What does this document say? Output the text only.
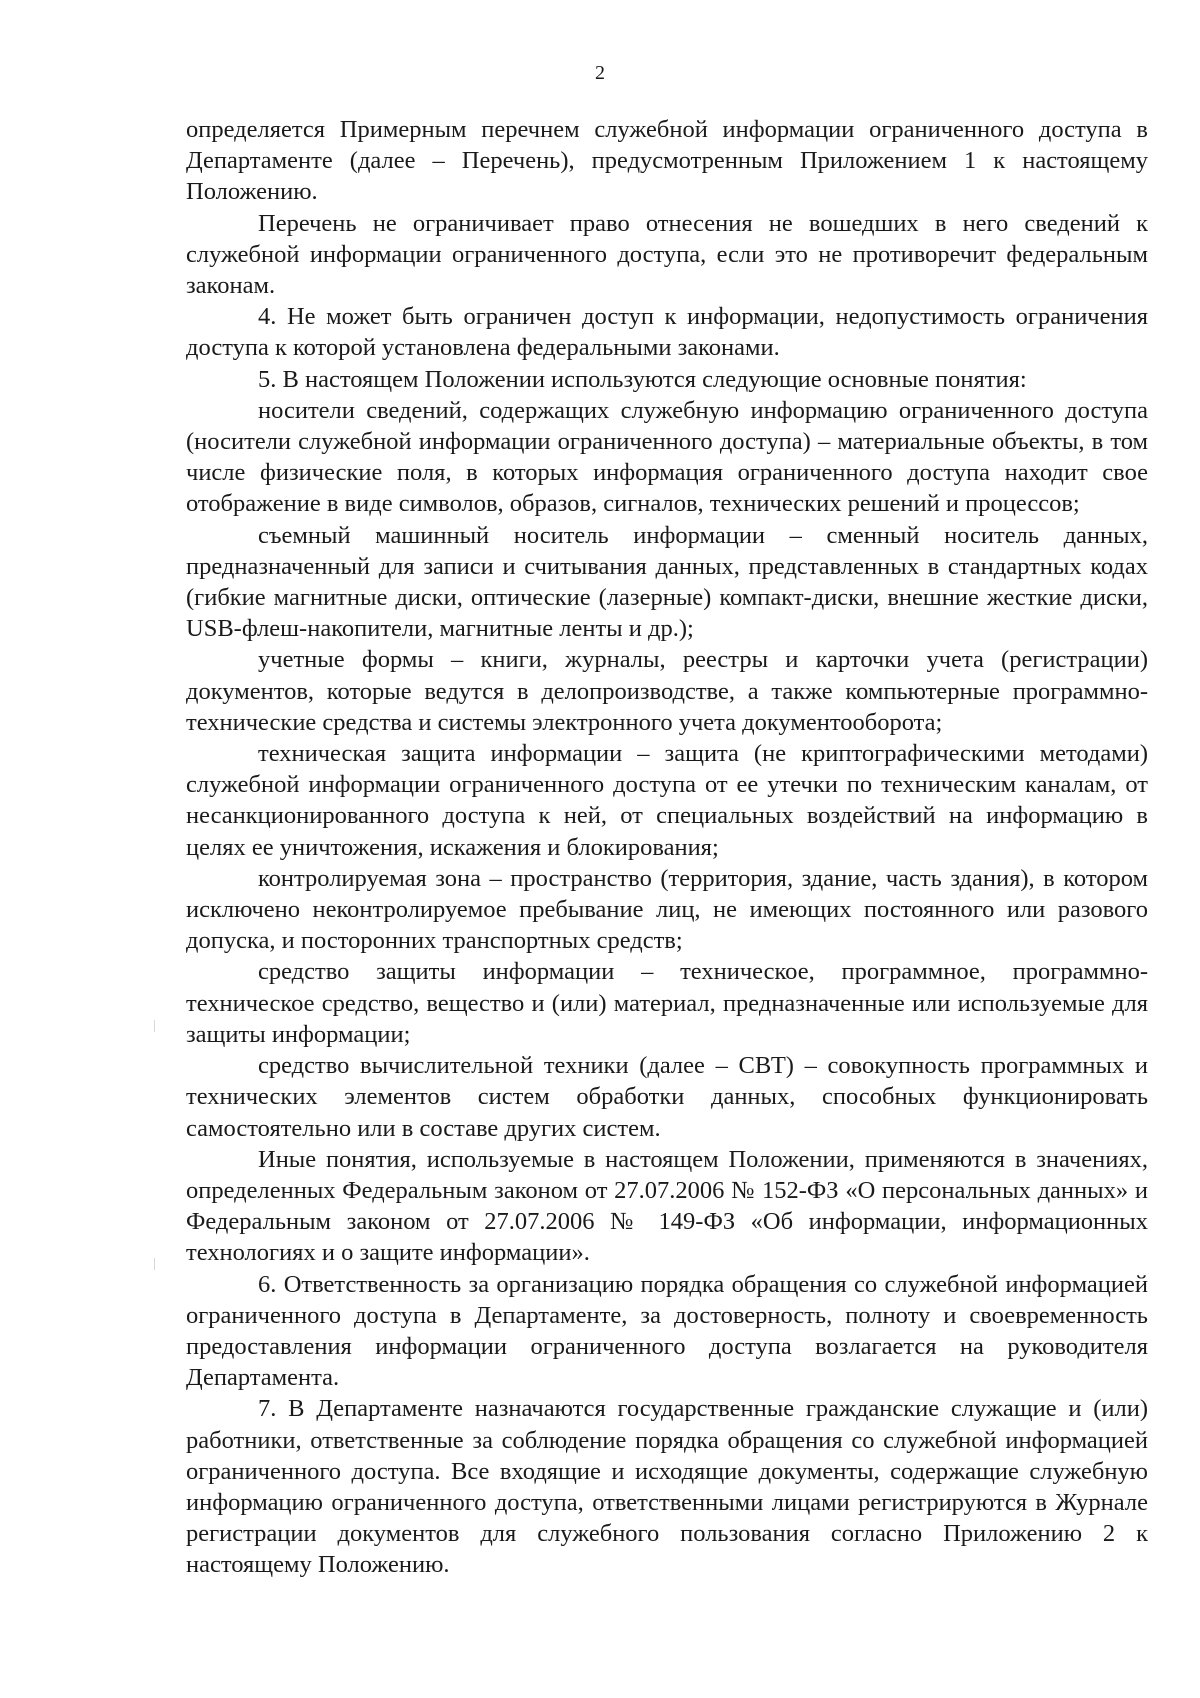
2

определяется Примерным перечнем служебной информации ограниченного доступа в Департаменте (далее – Перечень), предусмотренным Приложением 1 к настоящему Положению.

Перечень не ограничивает право отнесения не вошедших в него сведений к служебной информации ограниченного доступа, если это не противоречит федеральным законам.

4. Не может быть ограничен доступ к информации, недопустимость ограничения доступа к которой установлена федеральными законами.

5. В настоящем Положении используются следующие основные понятия:

носители сведений, содержащих служебную информацию ограниченного доступа (носители служебной информации ограниченного доступа) – материальные объекты, в том числе физические поля, в которых информация ограниченного доступа находит свое отображение в виде символов, образов, сигналов, технических решений и процессов;

съемный машинный носитель информации – сменный носитель данных, предназначенный для записи и считывания данных, представленных в стандартных кодах (гибкие магнитные диски, оптические (лазерные) компакт-диски, внешние жесткие диски, USB-флеш-накопители, магнитные ленты и др.);

учетные формы – книги, журналы, реестры и карточки учета (регистрации) документов, которые ведутся в делопроизводстве, а также компьютерные программно-технические средства и системы электронного учета документооборота;

техническая защита информации – защита (не криптографическими методами) служебной информации ограниченного доступа от ее утечки по техническим каналам, от несанкционированного доступа к ней, от специальных воздействий на информацию в целях ее уничтожения, искажения и блокирования;

контролируемая зона – пространство (территория, здание, часть здания), в котором исключено неконтролируемое пребывание лиц, не имеющих постоянного или разового допуска, и посторонних транспортных средств;

средство защиты информации – техническое, программное, программно-техническое средство, вещество и (или) материал, предназначенные или используемые для защиты информации;

средство вычислительной техники (далее – СВТ) – совокупность программных и технических элементов систем обработки данных, способных функционировать самостоятельно или в составе других систем.

Иные понятия, используемые в настоящем Положении, применяются в значениях, определенных Федеральным законом от 27.07.2006 № 152-ФЗ «О персональных данных» и Федеральным законом от 27.07.2006 № 149-ФЗ «Об информации, информационных технологиях и о защите информации».

6. Ответственность за организацию порядка обращения со служебной информацией ограниченного доступа в Департаменте, за достоверность, полноту и своевременность предоставления информации ограниченного доступа возлагается на руководителя Департамента.

7. В Департаменте назначаются государственные гражданские служащие и (или) работники, ответственные за соблюдение порядка обращения со служебной информацией ограниченного доступа. Все входящие и исходящие документы, содержащие служебную информацию ограниченного доступа, ответственными лицами регистрируются в Журнале регистрации документов для служебного пользования согласно Приложению 2 к настоящему Положению.
